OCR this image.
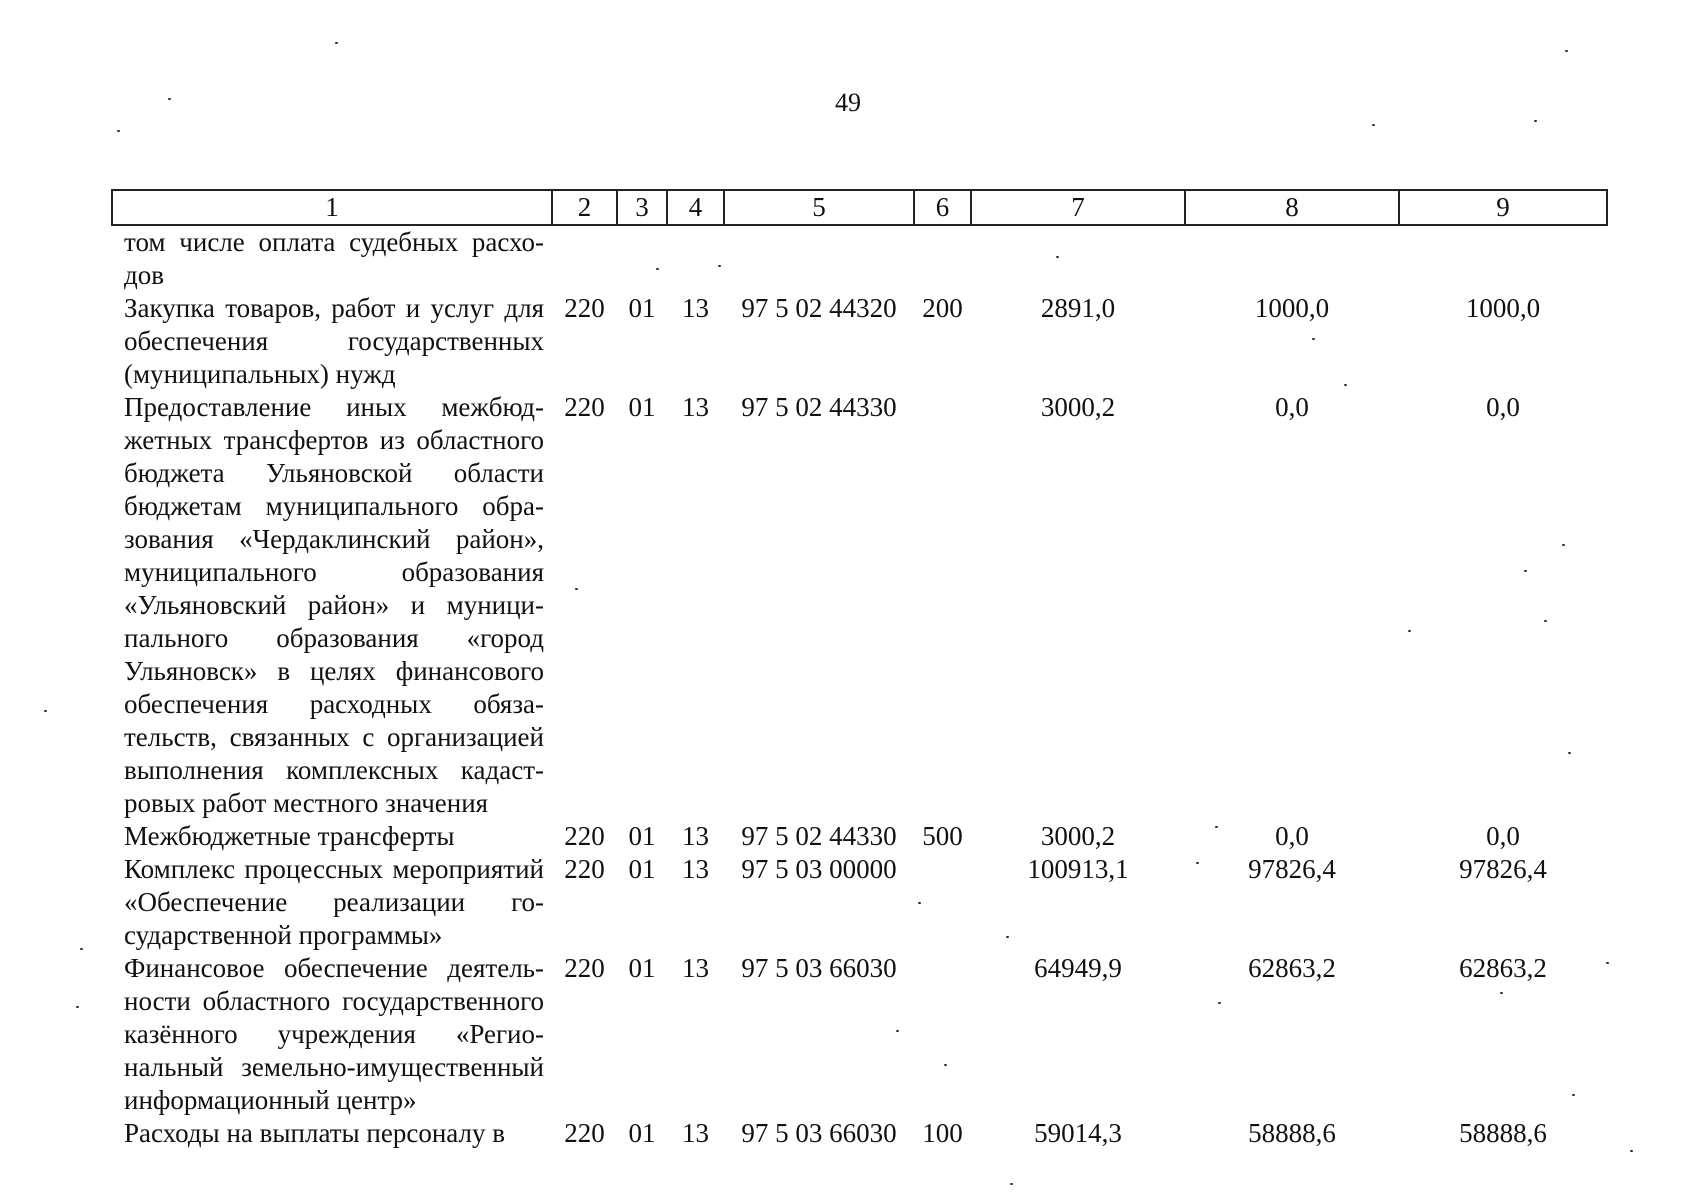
49
1	2	3	4	5	6	7	8	9
том числе оплата судебных расходов								
Закупка товаров, работ и услуг для обеспечения государственных (муниципальных) нужд	220	01	13	97 5 02 44320	200	2891,0	1000,0	1000,0
Предоставление иных межбюджетных трансфертов из областного бюджета Ульяновской области бюджетам муниципального образования «Чердаклинский район», муниципального образования «Ульяновский район» и муниципального образования «город Ульяновск» в целях финансового обеспечения расходных обязательств, связанных с организацией выполнения комплексных кадастровых работ местного значения	220	01	13	97 5 02 44330		3000,2	0,0	0,0
Межбюджетные трансферты	220	01	13	97 5 02 44330	500	3000,2	0,0	0,0
Комплекс процессных мероприятий «Обеспечение реализации государственной программы»	220	01	13	97 5 03 00000		100913,1	97826,4	97826,4
Финансовое обеспечение деятельности областного государственного казённого учреждения «Региональный земельно-имущественный информационный центр»	220	01	13	97 5 03 66030		64949,9	62863,2	62863,2
Расходы на выплаты персоналу в	220	01	13	97 5 03 66030	100	59014,3	58888,6	58888,6
